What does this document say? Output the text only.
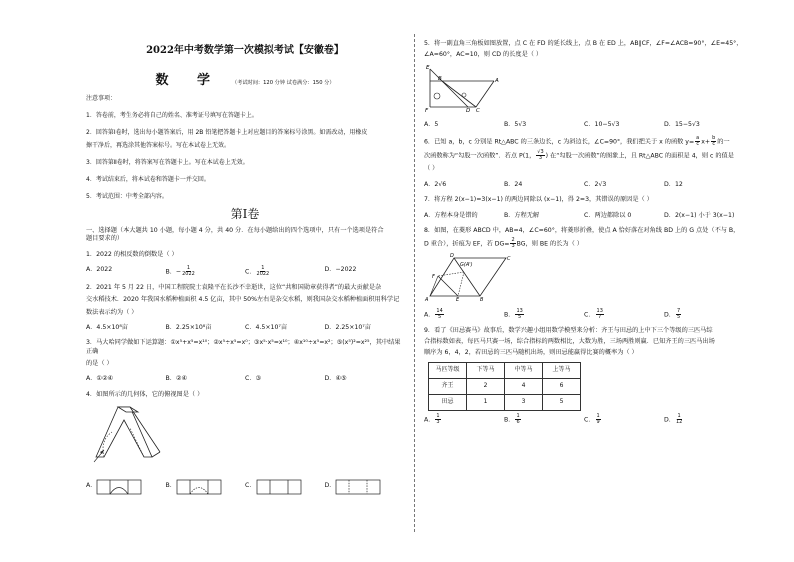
2022年中考数学第一次模拟考试【安徽卷】
数 学 （考试时间：120 分钟 试卷满分：150 分）
注意事项：
1．答卷前，考生务必将自己的姓名、准考证号填写在答题卡上。
2．回答第Ⅰ卷时，选出每小题答案后，用 2B 铅笔把答题卡上对应题目的答案标号涂黑。如需改动，用橡皮
擦干净后，再选涂其他答案标号。写在本试卷上无效。
3．回答第Ⅱ卷时，将答案写在答题卡上。写在本试卷上无效。
4．考试结束后，将本试卷和答题卡一并交回。
5．考试范围：中考全部内容。
第Ⅰ卷

一、选择题（本大题共 10 小题，每小题 4 分，共 40 分．在每小题给出的四个选项中，只有一个选项是符合

题目要求的）

1．2022 的相反数的倒数是（ ）

A．2022	B．− $\frac{1}{2022}$	C． $\frac{1}{2022}$	D．−2022

2．2021 年 5 月 22 日，中国工程院院士袁隆平在长沙不幸逝世，这位“共和国勋章获得者”的最大贡献是杂

交水稻技术．2020 年我国水稻种植面积 4.5 亿亩，其中 50%左右是杂交水稻，则我国杂交水稻种植面积用科学记

数法表示约为（ ）

A．4.5×10⁸亩	B．2.25×10⁸亩	C．4.5×10⁷亩	D．2.25×10⁷亩

3．马大哈同学做如下运算题：①x⁵+x⁵=x¹⁰；②x⁵÷x⁵=x⁰；③x⁵·x⁵=x¹⁰；④x¹⁰÷x⁵=x²；⑤(x⁵)²=x²⁵，其中结果正确

的是（ ）

A．①②④	B．②④	C．③	D．④⑤

4．如图所示的几何体，它的俯视图是（ ）

A．	B．	C．	D．

5．将一副直角三角板如图放置，点 C 在 FD 的延长线上，点 B 在 ED 上，AB∥CF，∠F=∠ACB=90°，∠E=45°，

∠A=60°，AC=10，则 CD 的长度是（ ）

E
B	A
F	D C
A．5	B．5√3	C．10−5√3	D．15−5√3

6．已知 a，b，c 分别是 Rt△ABC 的三条边长，c 为斜边长，∠C=90°，我们把关于 x 的函数 $y= \frac{a}{c} x+ \frac{b}{c}$ 的一

次函数称为“勾股一次函数”．若点 P(1， $\frac{√3}{3}$ ) 在“勾股一次函数”的图象上，且 Rt△ABC 的面积是 4，则 c 的值是

（ ）

A．2√6	B．24	C．2√3	D．12

7．将方程 2(x−1)=3(x−1) 的两边同除以 (x−1)，得 2=3，其错误的原因是（ ）

A．方程本身是错的	B．方程无解	C．两边都除以 0	D．2(x−1) 小于 3(x−1)

8．如图，在菱形 ABCD 中，AB=4，∠C=60°，将菱形折叠，使点 A 恰好落在对角线 BD 上的 G 点处（不与 B，

D 重合），折痕为 EF，若 $DG= \frac{2}{3}$ BG，则 BE 的长为（ ）

D
G(A')
C
F
A	E	B
A． $\frac{14}{5}$	B． $\frac{13}{5}$	C． $\frac{13}{7}$	D． $\frac{7}{5}$

9．看了《田忌赛马》故事后，数学兴趣小组用数学模型来分析：齐王与田忌的上中下三个等级的三匹马综

合指标数如表，每匹马只赛一场，综合指标的两数相比，大数为胜，三场两胜则赢．已知齐王的三匹马出场

顺序为 6，4，2，若田忌的三匹马随机出场，则田忌能赢得比赛的概率为（ ）

马匹等级	下等马	中等马	上等马
齐王	2	4	6
田忌	1	3	5
A． $\frac{1}{3}$	B． $\frac{1}{6}$	C． $\frac{1}{9}$	D． $\frac{1}{12}$
